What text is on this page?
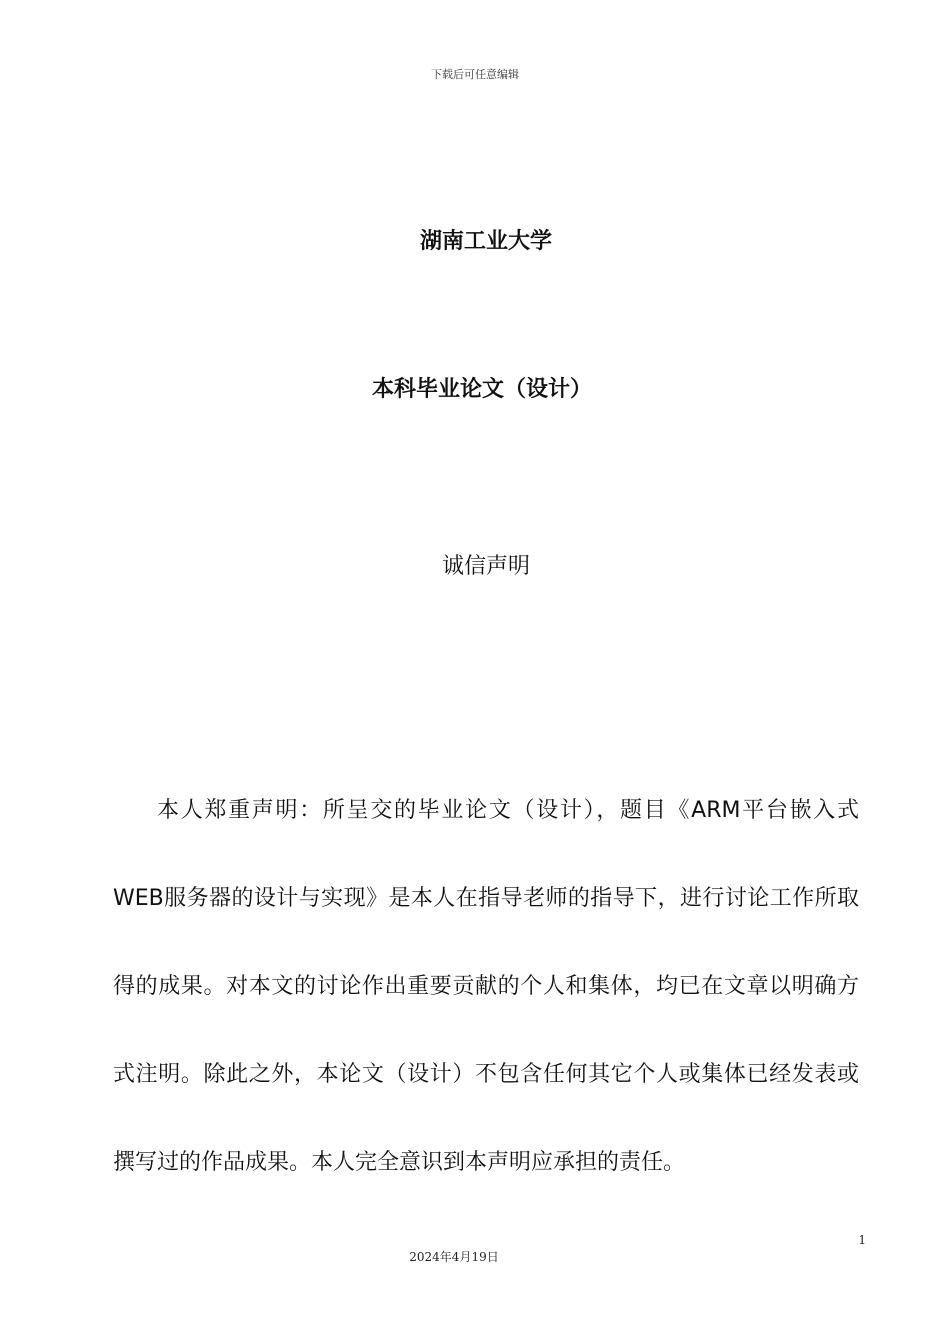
下载后可任意编辑
湖南工业大学
本科毕业论文（设计）
诚信声明

本人郑重声明：所呈交的毕业论文（设计），题目《ARM平台嵌入式WEB服务器的设计与实现》是本人在指导老师的指导下，进行讨论工作所取得的成果。对本文的讨论作出重要贡献的个人和集体，均已在文章以明确方式注明。除此之外，本论文（设计）不包含任何其它个人或集体已经发表或撰写过的作品成果。本人完全意识到本声明应承担的责任。

1
2024年4月19日
